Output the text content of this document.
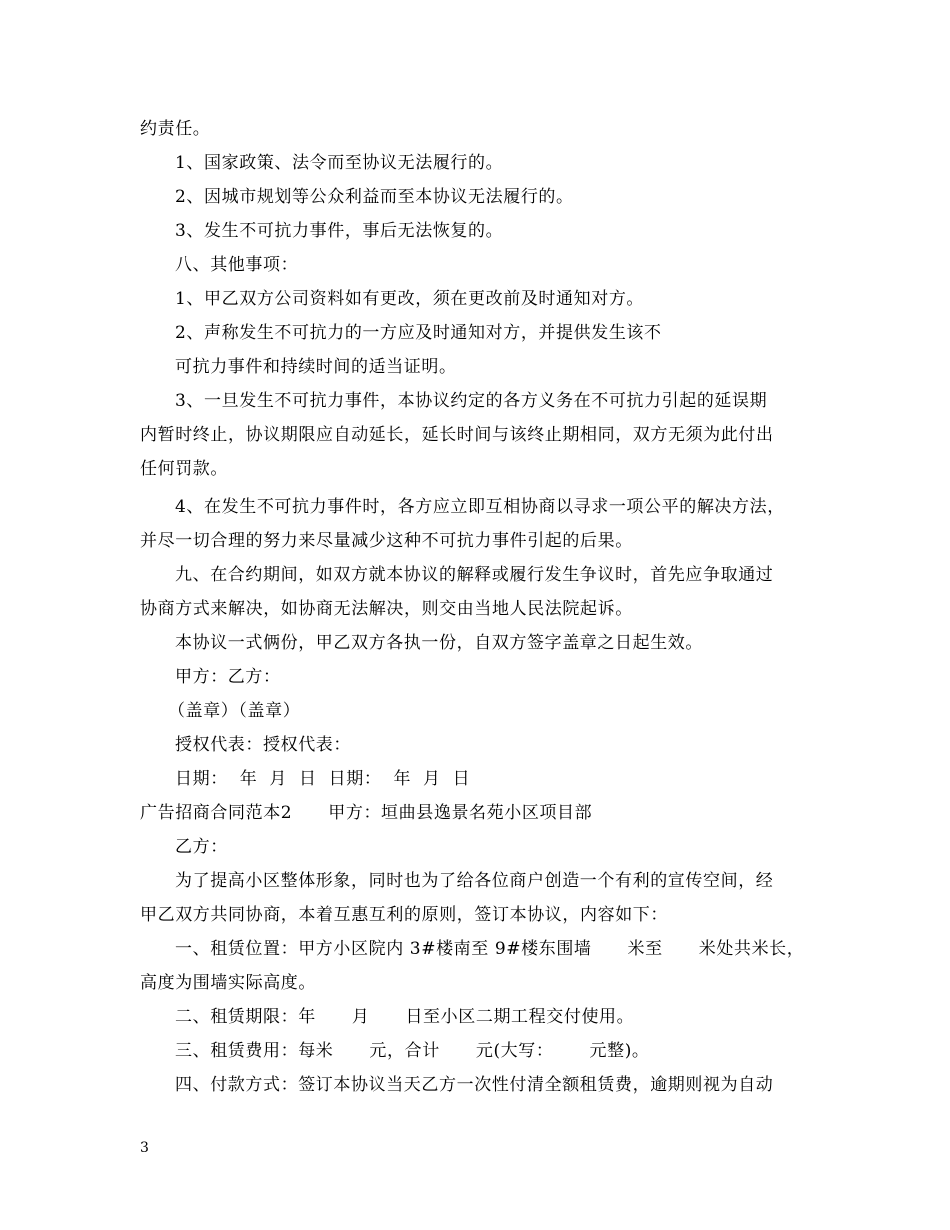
约责任。
1、国家政策、法令而至协议无法履行的。
2、因城市规划等公众利益而至本协议无法履行的。
3、发生不可抗力事件，事后无法恢复的。
八、其他事项：
1、甲乙双方公司资料如有更改，须在更改前及时通知对方。
2、声称发生不可抗力的一方应及时通知对方，并提供发生该不
可抗力事件和持续时间的适当证明。
3、一旦发生不可抗力事件，本协议约定的各方义务在不可抗力引起的延误期
内暂时终止，协议期限应自动延长，延长时间与该终止期相同，双方无须为此付出
任何罚款。
4、在发生不可抗力事件时，各方应立即互相协商以寻求一项公平的解决方法，
并尽一切合理的努力来尽量减少这种不可抗力事件引起的后果。
九、在合约期间，如双方就本协议的解释或履行发生争议时，首先应争取通过
协商方式来解决，如协商无法解决，则交由当地人民法院起诉。
本协议一式俩份，甲乙双方各执一份，自双方签字盖章之日起生效。
甲方：乙方：
（盖章）（盖章）
授权代表：授权代表：
日期：  年  月  日  日期：  年  月  日
广告招商合同范本2      甲方：垣曲县逸景名苑小区项目部
乙方：
为了提高小区整体形象，同时也为了给各位商户创造一个有利的宣传空间，经
甲乙双方共同协商，本着互惠互利的原则，签订本协议，内容如下：
一、租赁位置：甲方小区院内 3#楼南至 9#楼东围墙      米至      米处共米长，
高度为围墙实际高度。
二、租赁期限：年      月      日至小区二期工程交付使用。
三、租赁费用：每米      元，合计      元(大写：      元整)。
四、付款方式：签订本协议当天乙方一次性付清全额租赁费，逾期则视为自动
3
